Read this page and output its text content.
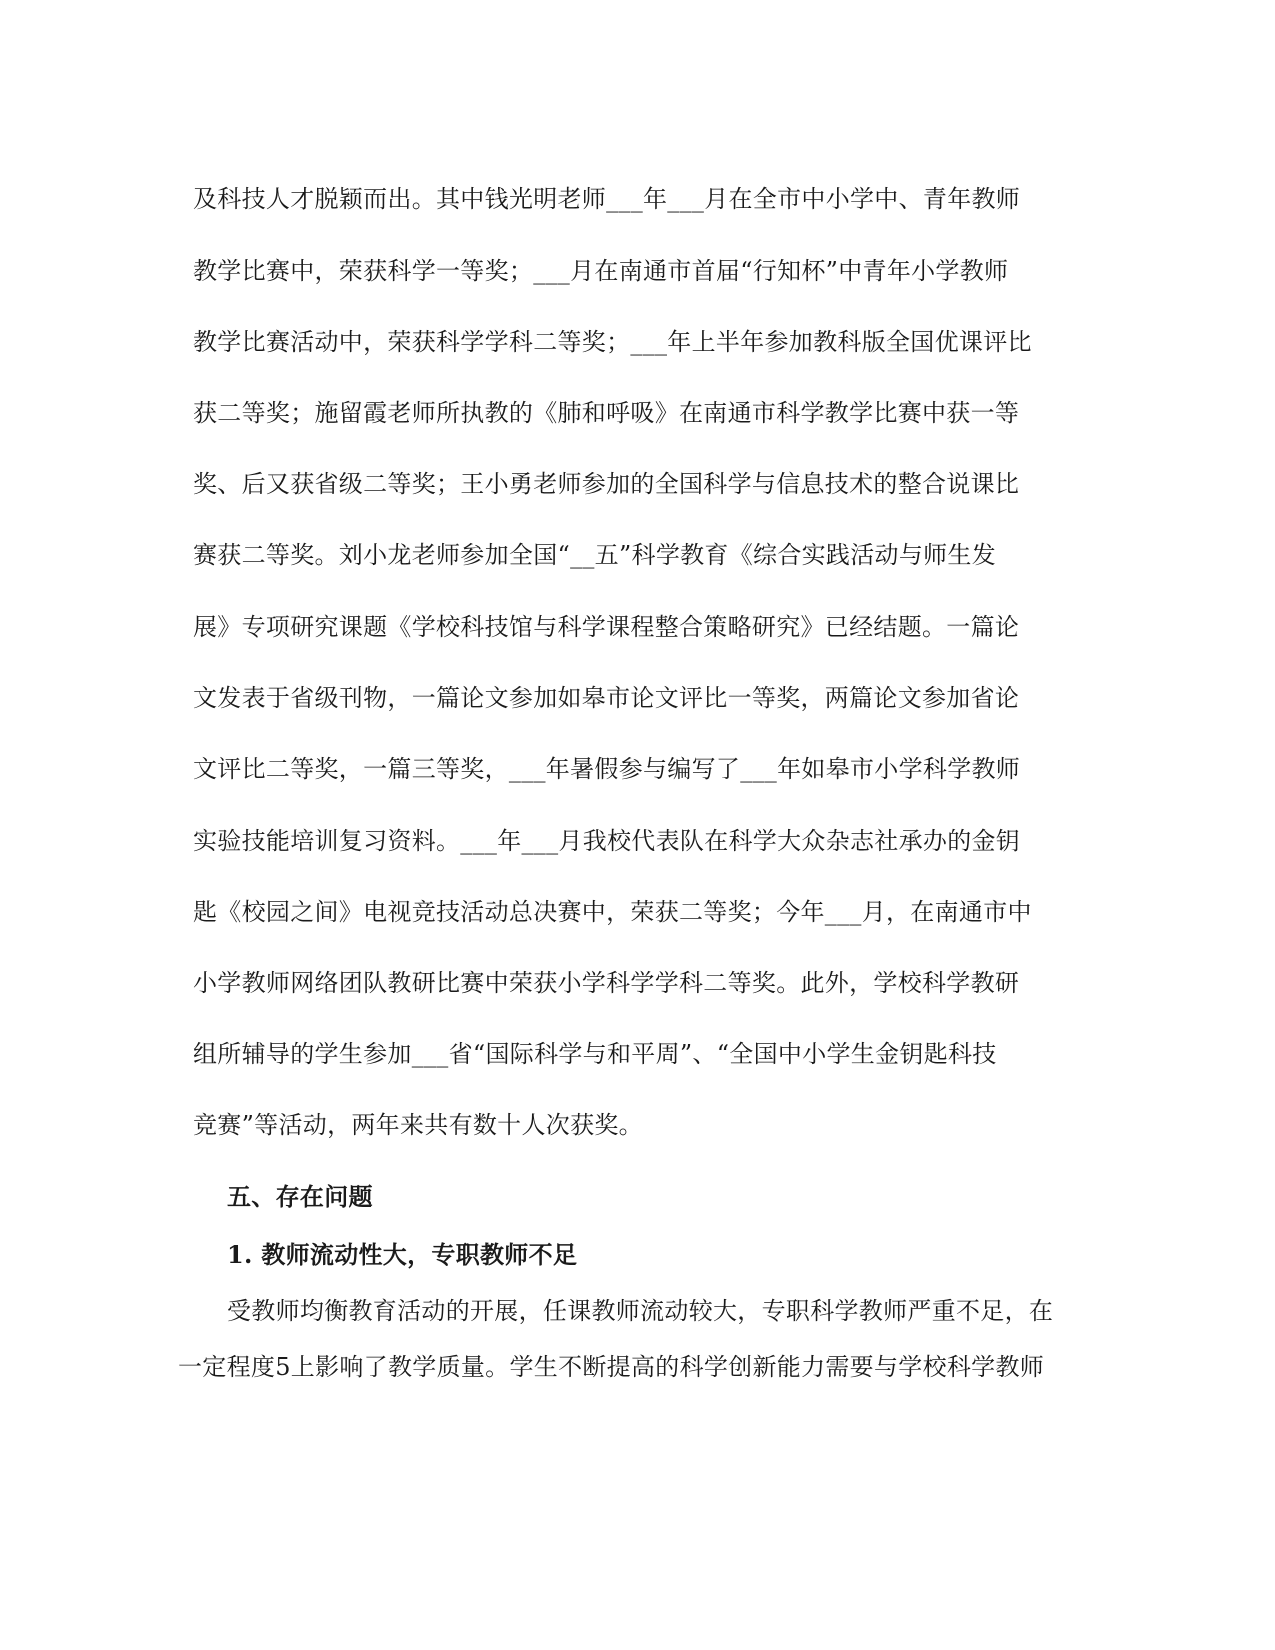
及科技人才脱颖而出。其中钱光明老师___年___月在全市中小学中、青年教师
教学比赛中，荣获科学一等奖；___月在南通市首届“行知杯”中青年小学教师
教学比赛活动中，荣获科学学科二等奖；___年上半年参加教科版全国优课评比
获二等奖；施留霞老师所执教的《肺和呼吸》在南通市科学教学比赛中获一等
奖、后又获省级二等奖；王小勇老师参加的全国科学与信息技术的整合说课比
赛获二等奖。刘小龙老师参加全国“__五”科学教育《综合实践活动与师生发
展》专项研究课题《学校科技馆与科学课程整合策略研究》已经结题。一篇论
文发表于省级刊物，一篇论文参加如皋市论文评比一等奖，两篇论文参加省论
文评比二等奖，一篇三等奖，___年暑假参与编写了___年如皋市小学科学教师
实验技能培训复习资料。___年___月我校代表队在科学大众杂志社承办的金钥
匙《校园之间》电视竞技活动总决赛中，荣获二等奖；今年___月，在南通市中
小学教师网络团队教研比赛中荣获小学科学学科二等奖。此外，学校科学教研
组所辅导的学生参加___省“国际科学与和平周”、“全国中小学生金钥匙科技
竞赛”等活动，两年来共有数十人次获奖。
五、存在问题
1. 教师流动性大，专职教师不足
受教师均衡教育活动的开展，任课教师流动较大，专职科学教师严重不足，在
一定程度5上影响了教学质量。学生不断提高的科学创新能力需要与学校科学教师
